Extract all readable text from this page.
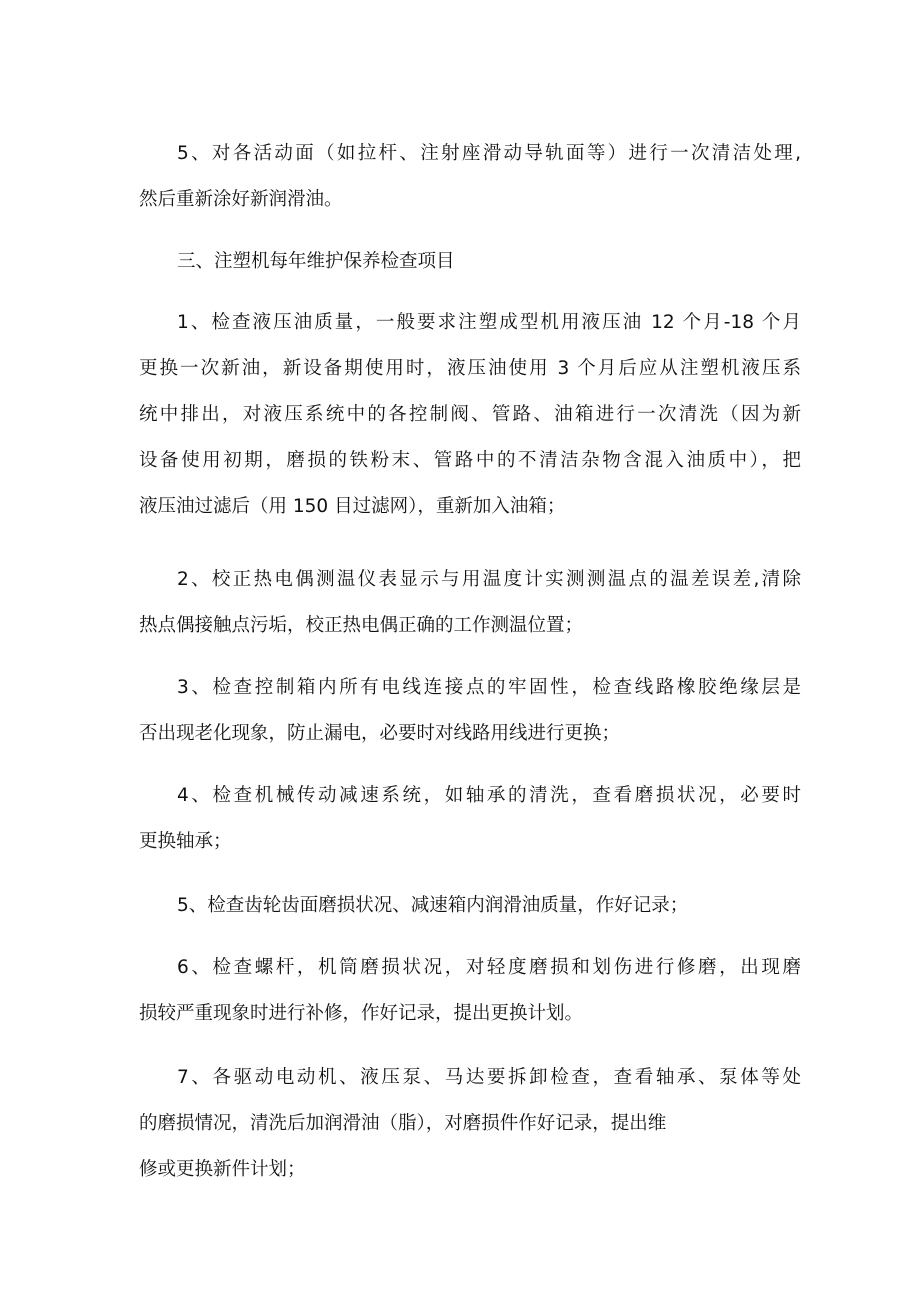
5、对各活动面（如拉杆、注射座滑动导轨面等）进行一次清洁处理,
然后重新涂好新润滑油。

三、注塑机每年维护保养检查项目

1、检查液压油质量，一般要求注塑成型机用液压油 12 个月-18 个月
更换一次新油，新设备期使用时，液压油使用 3 个月后应从注塑机液压系
统中排出，对液压系统中的各控制阀、管路、油箱进行一次清洗（因为新
设备使用初期，磨损的铁粉末、管路中的不清洁杂物含混入油质中），把
液压油过滤后（用 150 目过滤网），重新加入油箱；

2、校正热电偶测温仪表显示与用温度计实测测温点的温差误差,清除
热点偶接触点污垢，校正热电偶正确的工作测温位置；

3、检查控制箱内所有电线连接点的牢固性，检查线路橡胶绝缘层是
否出现老化现象，防止漏电，必要时对线路用线进行更换；

4、检查机械传动减速系统，如轴承的清洗，查看磨损状况，必要时
更换轴承；

5、检查齿轮齿面磨损状况、减速箱内润滑油质量，作好记录；

6、检查螺杆，机筒磨损状况，对轻度磨损和划伤进行修磨，出现磨
损较严重现象时进行补修，作好记录，提出更换计划。

7、各驱动电动机、液压泵、马达要拆卸检查，查看轴承、泵体等处
的磨损情况，清洗后加润滑油（脂），对磨损件作好记录，提出维
修或更换新件计划；
